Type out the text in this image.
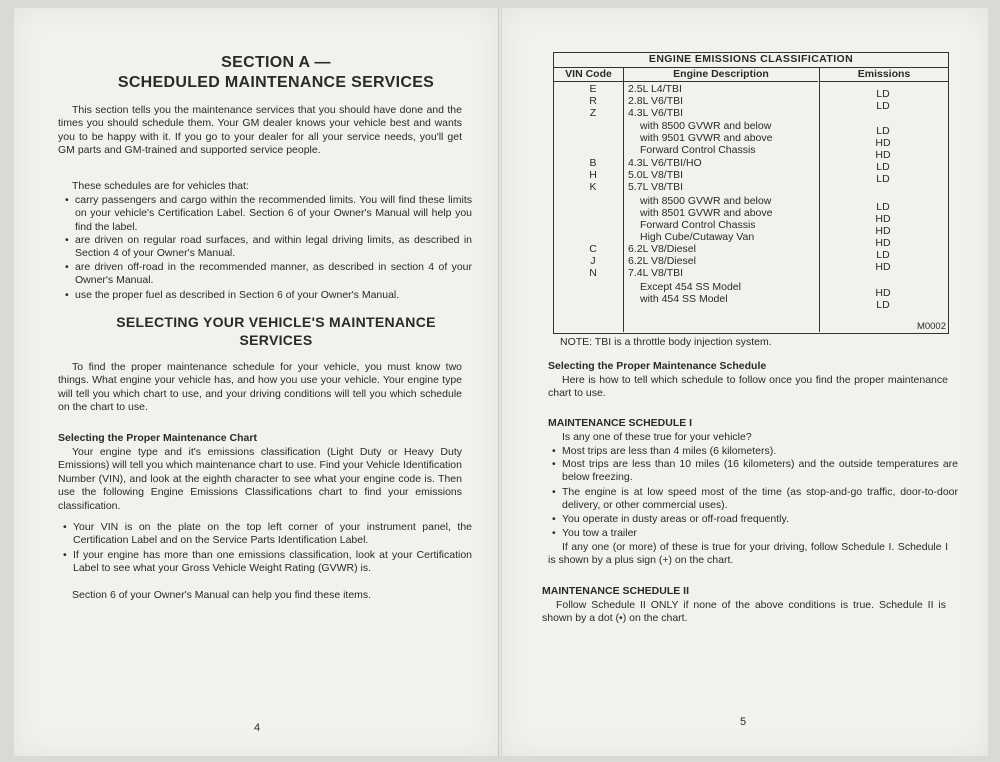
SECTION A —
SCHEDULED MAINTENANCE SERVICES
This section tells you the maintenance services that you should have done and the times you should schedule them. Your GM dealer knows your vehicle best and wants you to be happy with it. If you go to your dealer for all your service needs, you'll get GM parts and GM-trained and supported service people.
These schedules are for vehicles that:
• carry passengers and cargo within the recommended limits. You will find these limits on your vehicle's Certification Label. Section 6 of your Owner's Manual will help you find the label.
• are driven on regular road surfaces, and within legal driving limits, as described in Section 4 of your Owner's Manual.
• are driven off-road in the recommended manner, as described in section 4 of your Owner's Manual.
• use the proper fuel as described in Section 6 of your Owner's Manual.
SELECTING YOUR VEHICLE'S MAINTENANCE
SERVICES
To find the proper maintenance schedule for your vehicle, you must know two things. What engine your vehicle has, and how you use your vehicle. Your engine type will tell you which chart to use, and your driving conditions will tell you which schedule on the chart to use.
Selecting the Proper Maintenance Chart
Your engine type and it's emissions classification (Light Duty or Heavy Duty Emissions) will tell you which maintenance chart to use. Find your Vehicle Identification Number (VIN), and look at the eighth character to see what your engine code is. Then use the following Engine Emissions Classifications chart to find your emissions classification.
• Your VIN is on the plate on the top left corner of your instrument panel, the Certification Label and on the Service Parts Identification Label.
• If your engine has more than one emissions classification, look at your Certification Label to see what your Gross Vehicle Weight Rating (GVWR) is.
Section 6 of your Owner's Manual can help you find these items.
4
ENGINE EMISSIONS CLASSIFICATION
VIN Code	Engine Description	Emissions
E
R
Z
B
H
K
C
J
N
2.5L L4/TBI
2.8L V6/TBI
4.3L V6/TBI
with 8500 GVWR and below
with 9501 GVWR and above
Forward Control Chassis
4.3L V6/TBI/HO
5.0L V8/TBI
5.7L V8/TBI
with 8500 GVWR and below
with 8501 GVWR and above
Forward Control Chassis
High Cube/Cutaway Van
6.2L V8/Diesel
6.2L V8/Diesel
7.4L V8/TBI
Except 454 SS Model
with 454 SS Model
LD
LD
LD
HD
HD
LD
LD
LD
HD
HD
HD
LD
HD
HD
LD
M0002
NOTE: TBI is a throttle body injection system.
Selecting the Proper Maintenance Schedule
Here is how to tell which schedule to follow once you find the proper maintenance chart to use.
MAINTENANCE SCHEDULE I
Is any one of these true for your vehicle?
• Most trips are less than 4 miles (6 kilometers).
• Most trips are less than 10 miles (16 kilometers) and the outside temperatures are below freezing.
• The engine is at low speed most of the time (as stop-and-go traffic, door-to-door delivery, or other commercial uses).
• You operate in dusty areas or off-road frequently.
• You tow a trailer
If any one (or more) of these is true for your driving, follow Schedule I. Schedule I is shown by a plus sign (+) on the chart.
MAINTENANCE SCHEDULE II
Follow Schedule II ONLY if none of the above conditions is true. Schedule II is shown by a dot (•) on the chart.
5
